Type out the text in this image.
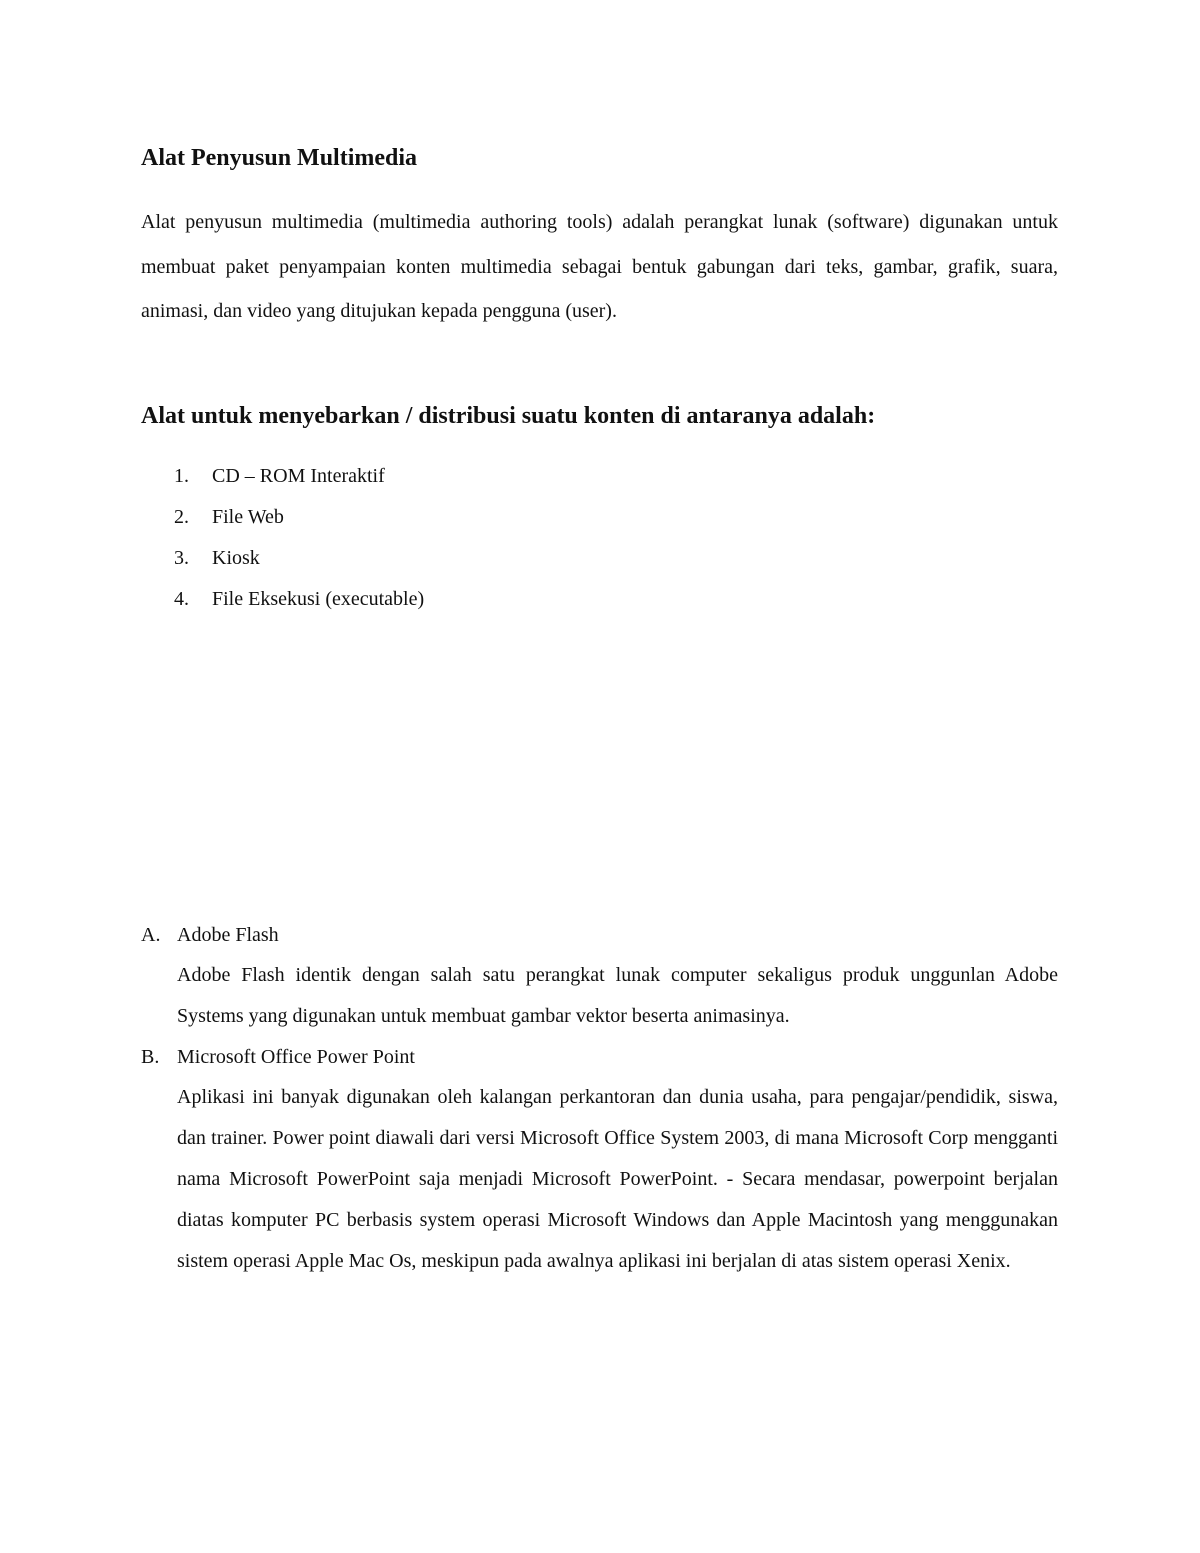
Alat Penyusun Multimedia

Alat penyusun multimedia (multimedia authoring tools) adalah perangkat lunak (software) digunakan untuk membuat paket penyampaian konten multimedia sebagai bentuk gabungan dari teks, gambar, grafik, suara, animasi, dan video yang ditujukan kepada pengguna (user).

Alat untuk menyebarkan / distribusi suatu konten di antaranya adalah:
1. CD – ROM Interaktif
2. File Web
3. Kiosk
4. File Eksekusi (executable)
A. Adobe Flash

Adobe Flash identik dengan salah satu perangkat lunak computer sekaligus produk unggunlan Adobe Systems yang digunakan untuk membuat gambar vektor beserta animasinya.

B. Microsoft Office Power Point

Aplikasi ini banyak digunakan oleh kalangan perkantoran dan dunia usaha, para pengajar/pendidik, siswa, dan trainer. Power point diawali dari versi Microsoft Office System 2003, di mana Microsoft Corp mengganti nama Microsoft PowerPoint saja menjadi Microsoft PowerPoint. - Secara mendasar, powerpoint berjalan diatas komputer PC berbasis system operasi Microsoft Windows dan Apple Macintosh yang menggunakan sistem operasi Apple Mac Os, meskipun pada awalnya aplikasi ini berjalan di atas sistem operasi Xenix.
